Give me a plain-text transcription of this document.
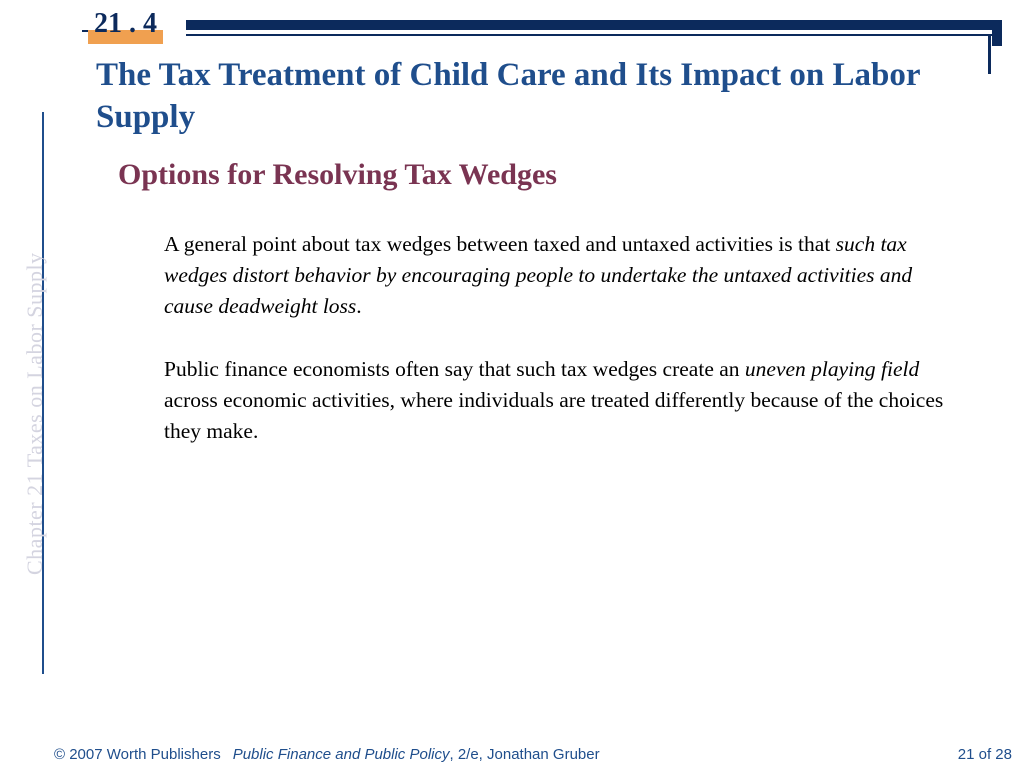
21 . 4
The Tax Treatment of Child Care and Its Impact on Labor Supply
Chapter 21 Taxes on Labor Supply
Options for Resolving Tax Wedges

A general point about tax wedges between taxed and untaxed activities is that such tax wedges distort behavior by encouraging people to undertake the untaxed activities and cause deadweight loss.

Public finance economists often say that such tax wedges create an uneven playing field across economic activities, where individuals are treated differently because of the choices they make.

© 2007 Worth Publishers Public Finance and Public Policy, 2/e, Jonathan Gruber	21 of 28
